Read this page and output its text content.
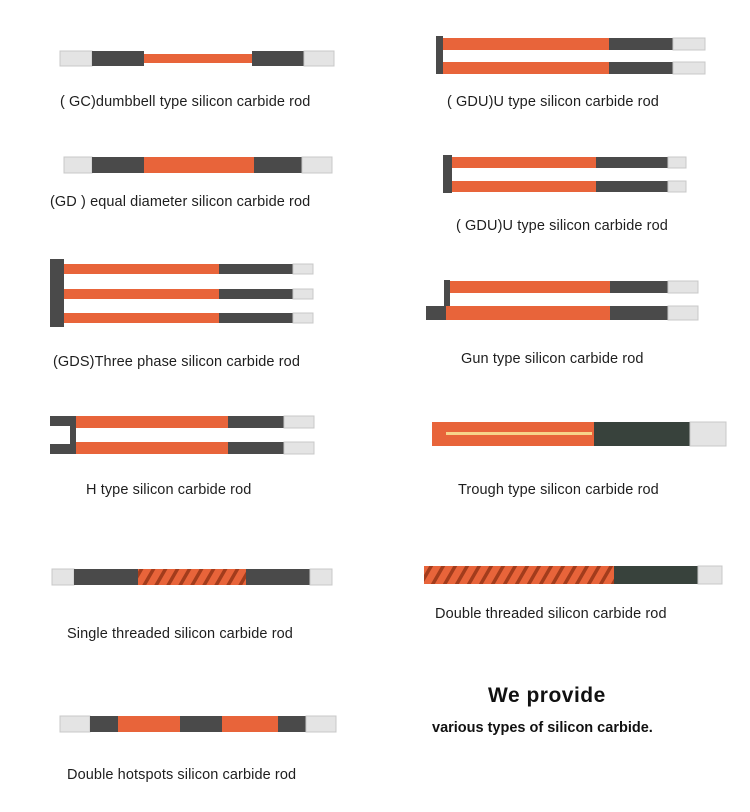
( GC)dumbbell type silicon carbide rod	( GDU)U type silicon carbide rod
(GD ) equal diameter silicon carbide rod
( GDU)U type silicon carbide rod
(GDS)Three phase silicon carbide rod	Gun type silicon carbide rod
H type silicon carbide rod	Trough type silicon carbide rod
Single threaded silicon carbide rod
Double threaded silicon carbide rod
Double hotspots silicon carbide rod
We provide
various types of silicon carbide.
